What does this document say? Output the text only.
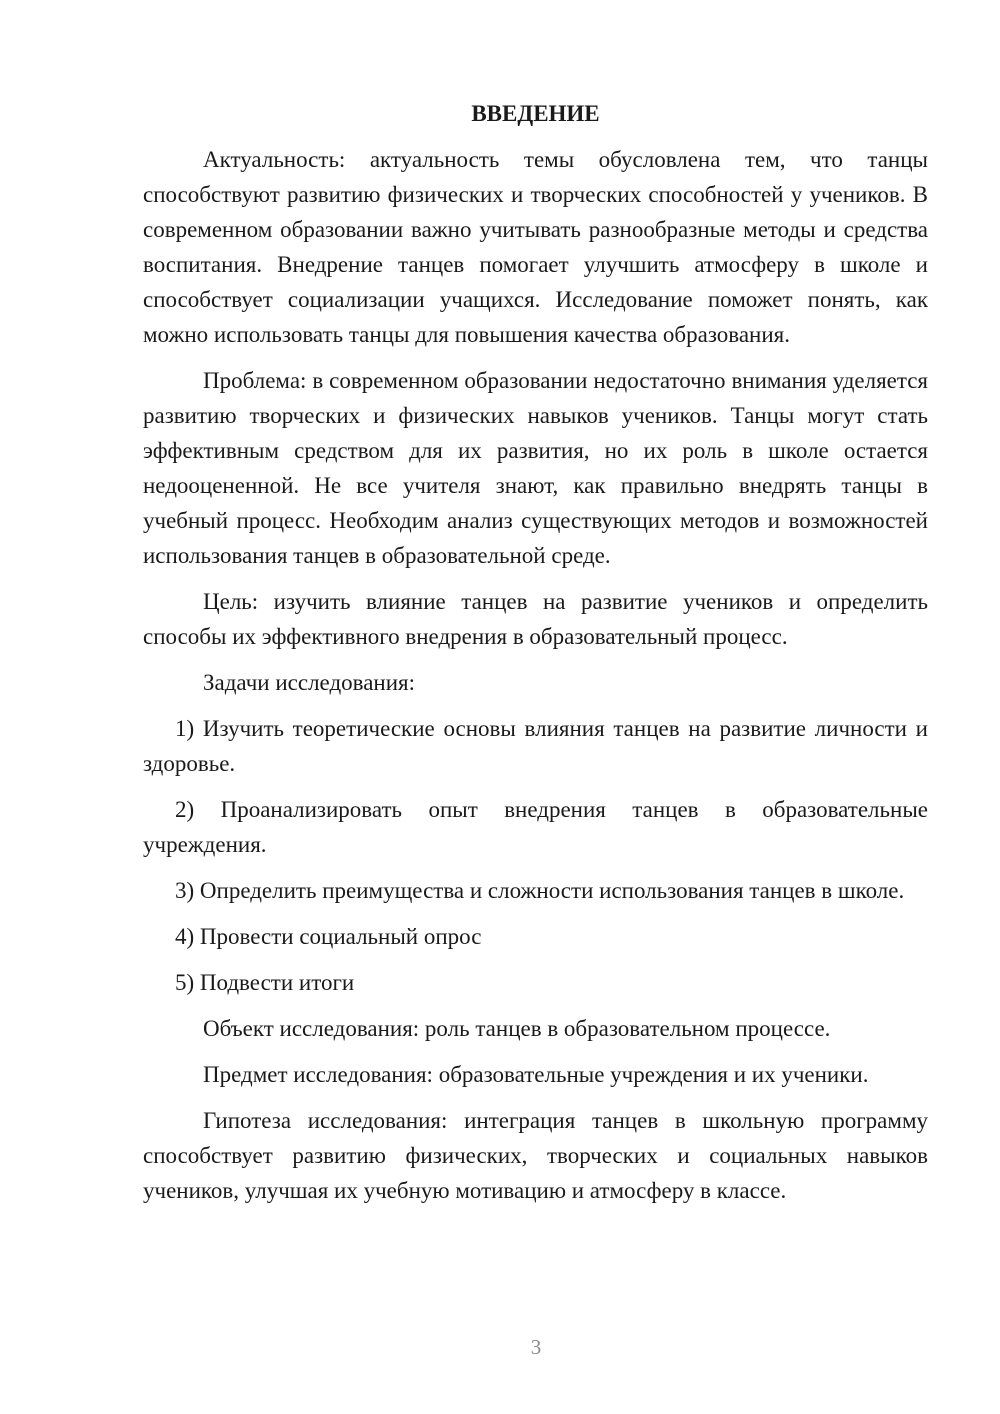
ВВЕДЕНИЕ

Актуальность: актуальность темы обусловлена тем, что танцы способствуют развитию физических и творческих способностей у учеников. В современном образовании важно учитывать разнообразные методы и средства воспитания. Внедрение танцев помогает улучшить атмосферу в школе и способствует социализации учащихся. Исследование поможет понять, как можно использовать танцы для повышения качества образования.

Проблема: в современном образовании недостаточно внимания уделяется развитию творческих и физических навыков учеников. Танцы могут стать эффективным средством для их развития, но их роль в школе остается недооцененной. Не все учителя знают, как правильно внедрять танцы в учебный процесс. Необходим анализ существующих методов и возможностей использования танцев в образовательной среде.

Цель: изучить влияние танцев на развитие учеников и определить способы их эффективного внедрения в образовательный процесс.

Задачи исследования:

1) Изучить теоретические основы влияния танцев на развитие личности и здоровье.

2) Проанализировать опыт внедрения танцев в образовательные учреждения.

3) Определить преимущества и сложности использования танцев в школе.

4) Провести социальный опрос

5) Подвести итоги

Объект исследования: роль танцев в образовательном процессе.

Предмет исследования: образовательные учреждения и их ученики.

Гипотеза исследования: интеграция танцев в школьную программу способствует развитию физических, творческих и социальных навыков учеников, улучшая их учебную мотивацию и атмосферу в классе.

3
